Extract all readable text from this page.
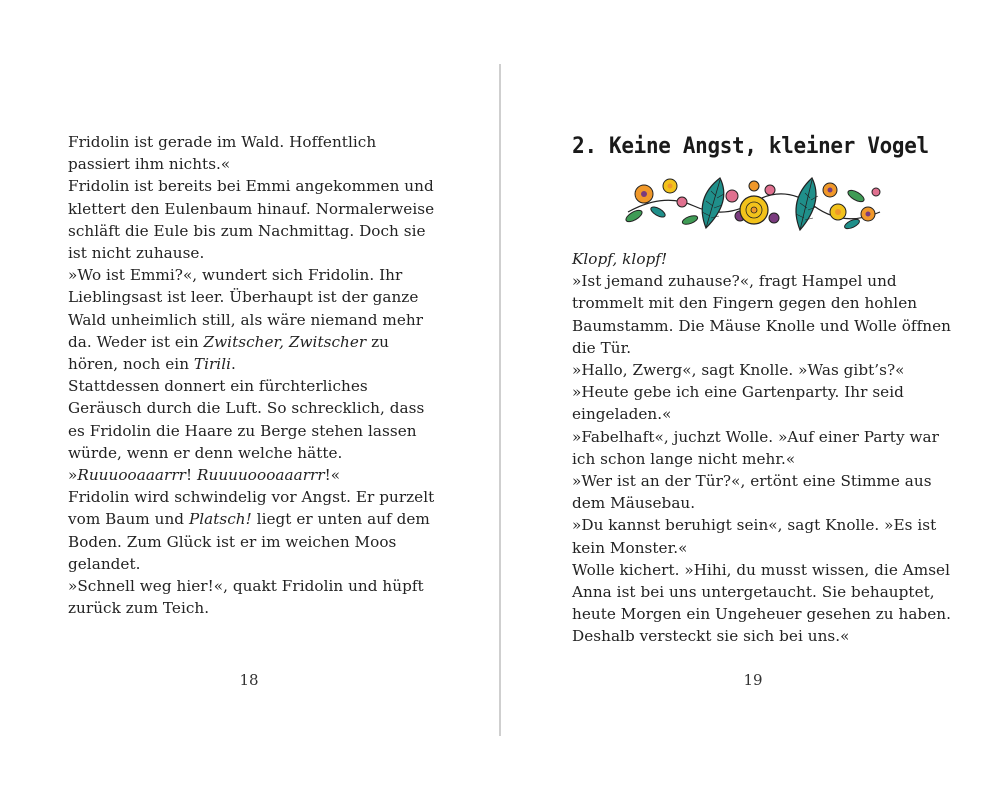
Fridolin ist gerade im Wald. Hoffentlich passiert ihm nichts.«

Fridolin ist bereits bei Emmi angekommen und klettert den Eulenbaum hinauf. Normalerweise schläft die Eule bis zum Nachmittag. Doch sie ist nicht zuhause.

»Wo ist Emmi?«, wundert sich Fridolin. Ihr Lieblingsast ist leer. Überhaupt ist der ganze Wald unheimlich still, als wäre niemand mehr da. Weder ist ein Zwitscher, Zwitscher zu hören, noch ein Tirili.

Stattdessen donnert ein fürchterliches Geräusch durch die Luft. So schrecklich, dass es Fridolin die Haare zu Berge stehen lassen würde, wenn er denn welche hätte.

»Ruuuooaaarrr! Ruuuuoooaaarrr!«

Fridolin wird schwindelig vor Angst. Er purzelt vom Baum und Platsch! liegt er unten auf dem Boden. Zum Glück ist er im weichen Moos gelandet.

»Schnell weg hier!«, quakt Fridolin und hüpft zurück zum Teich.

18
2. Keine Angst, kleiner Vogel

Klopf, klopf!

»Ist jemand zuhause?«, fragt Hampel und trommelt mit den Fingern gegen den hohlen Baumstamm. Die Mäuse Knolle und Wolle öffnen die Tür.

»Hallo, Zwerg«, sagt Knolle. »Was gibt’s?«

»Heute gebe ich eine Gartenparty. Ihr seid eingeladen.«

»Fabelhaft«, juchzt Wolle. »Auf einer Party war ich schon lange nicht mehr.«

»Wer ist an der Tür?«, ertönt eine Stimme aus dem Mäusebau.

»Du kannst beruhigt sein«, sagt Knolle. »Es ist kein Monster.«

Wolle kichert. »Hihi, du musst wissen, die Amsel Anna ist bei uns untergetaucht. Sie behauptet, heute Morgen ein Ungeheuer gesehen zu haben. Deshalb versteckt sie sich bei uns.«

19
